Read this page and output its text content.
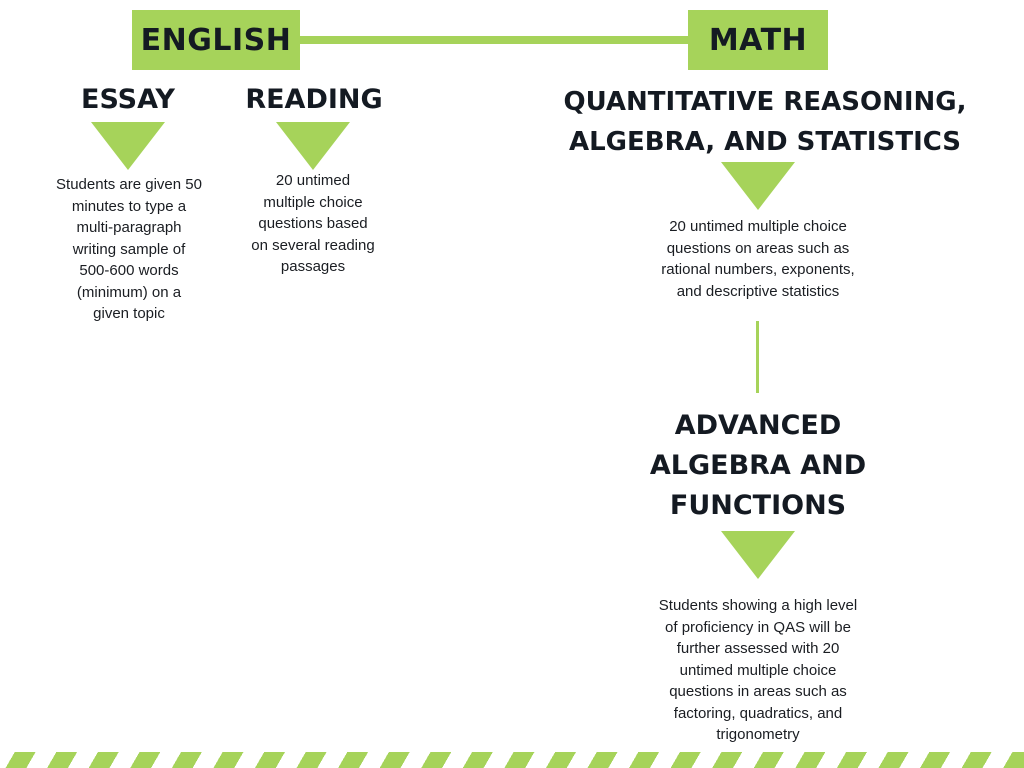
ENGLISH	MATH
ESSAY
Students are given 50
minutes to type a
multi-paragraph
writing sample of
500-600 words
(minimum) on a
given topic
READING
20 untimed
multiple choice
questions based
on several reading
passages
QUANTITATIVE REASONING,
ALGEBRA, AND STATISTICS
20 untimed multiple choice
questions on areas such as
rational numbers, exponents,
and descriptive statistics
ADVANCED
ALGEBRA AND
FUNCTIONS
Students showing a high level
of proficiency in QAS will be
further assessed with 20
untimed multiple choice
questions in areas such as
factoring, quadratics, and
trigonometry
